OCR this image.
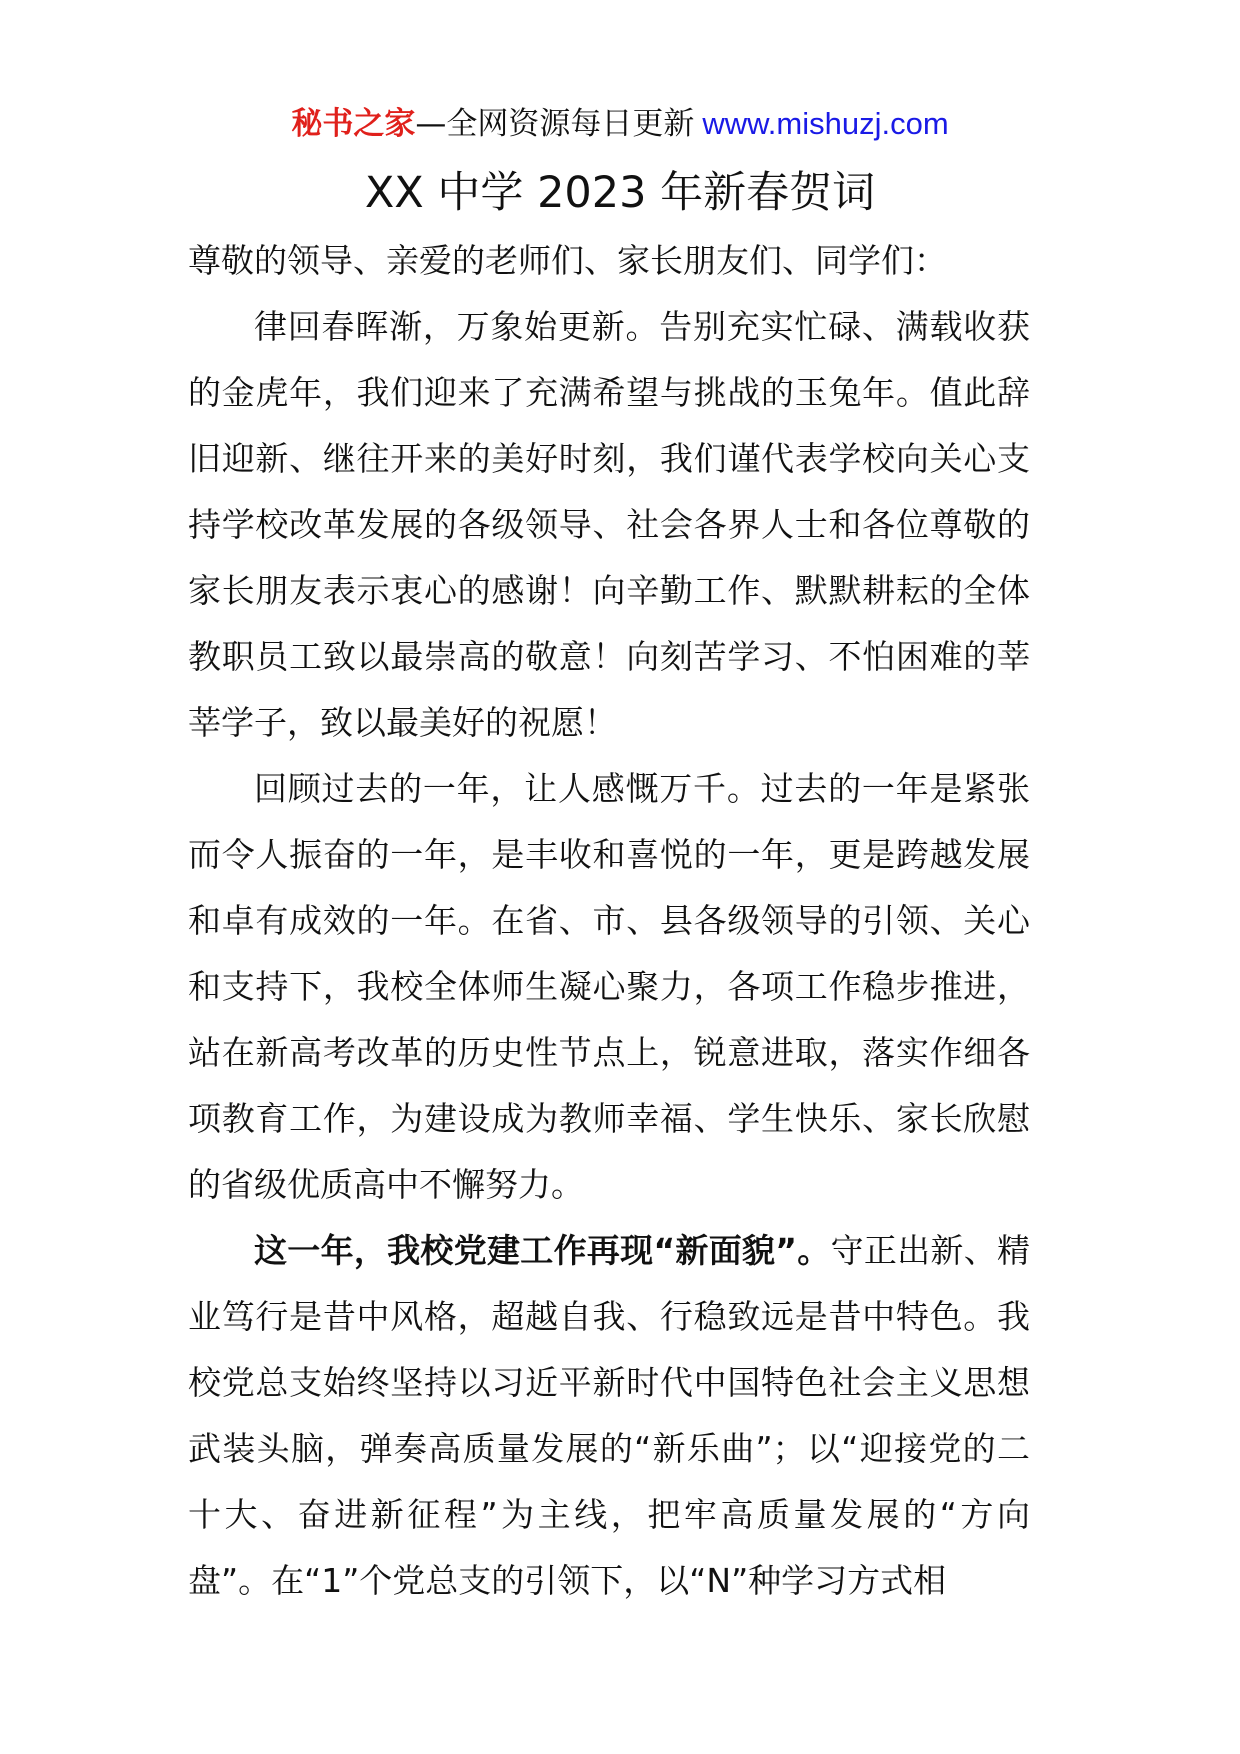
秘书之家—全网资源每日更新 www.mishuzj.com
XX 中学 2023 年新春贺词

尊敬的领导、亲爱的老师们、家长朋友们、同学们：

律回春晖渐，万象始更新。告别充实忙碌、满载收获的金虎年，我们迎来了充满希望与挑战的玉兔年。值此辞旧迎新、继往开来的美好时刻，我们谨代表学校向关心支持学校改革发展的各级领导、社会各界人士和各位尊敬的家长朋友表示衷心的感谢！向辛勤工作、默默耕耘的全体教职员工致以最崇高的敬意！向刻苦学习、不怕困难的莘莘学子，致以最美好的祝愿！

回顾过去的一年，让人感慨万千。过去的一年是紧张而令人振奋的一年，是丰收和喜悦的一年，更是跨越发展和卓有成效的一年。在省、市、县各级领导的引领、关心和支持下，我校全体师生凝心聚力，各项工作稳步推进，站在新高考改革的历史性节点上，锐意进取，落实作细各项教育工作，为建设成为教师幸福、学生快乐、家长欣慰的省级优质高中不懈努力。

这一年，我校党建工作再现“新面貌”。守正出新、精业笃行是昔中风格，超越自我、行稳致远是昔中特色。我校党总支始终坚持以习近平新时代中国特色社会主义思想武装头脑，弹奏高质量发展的“新乐曲”；以“迎接党的二十大、奋进新征程”为主线，把牢高质量发展的“方向盘”。在“1”个党总支的引领下，以“N”种学习方式相
